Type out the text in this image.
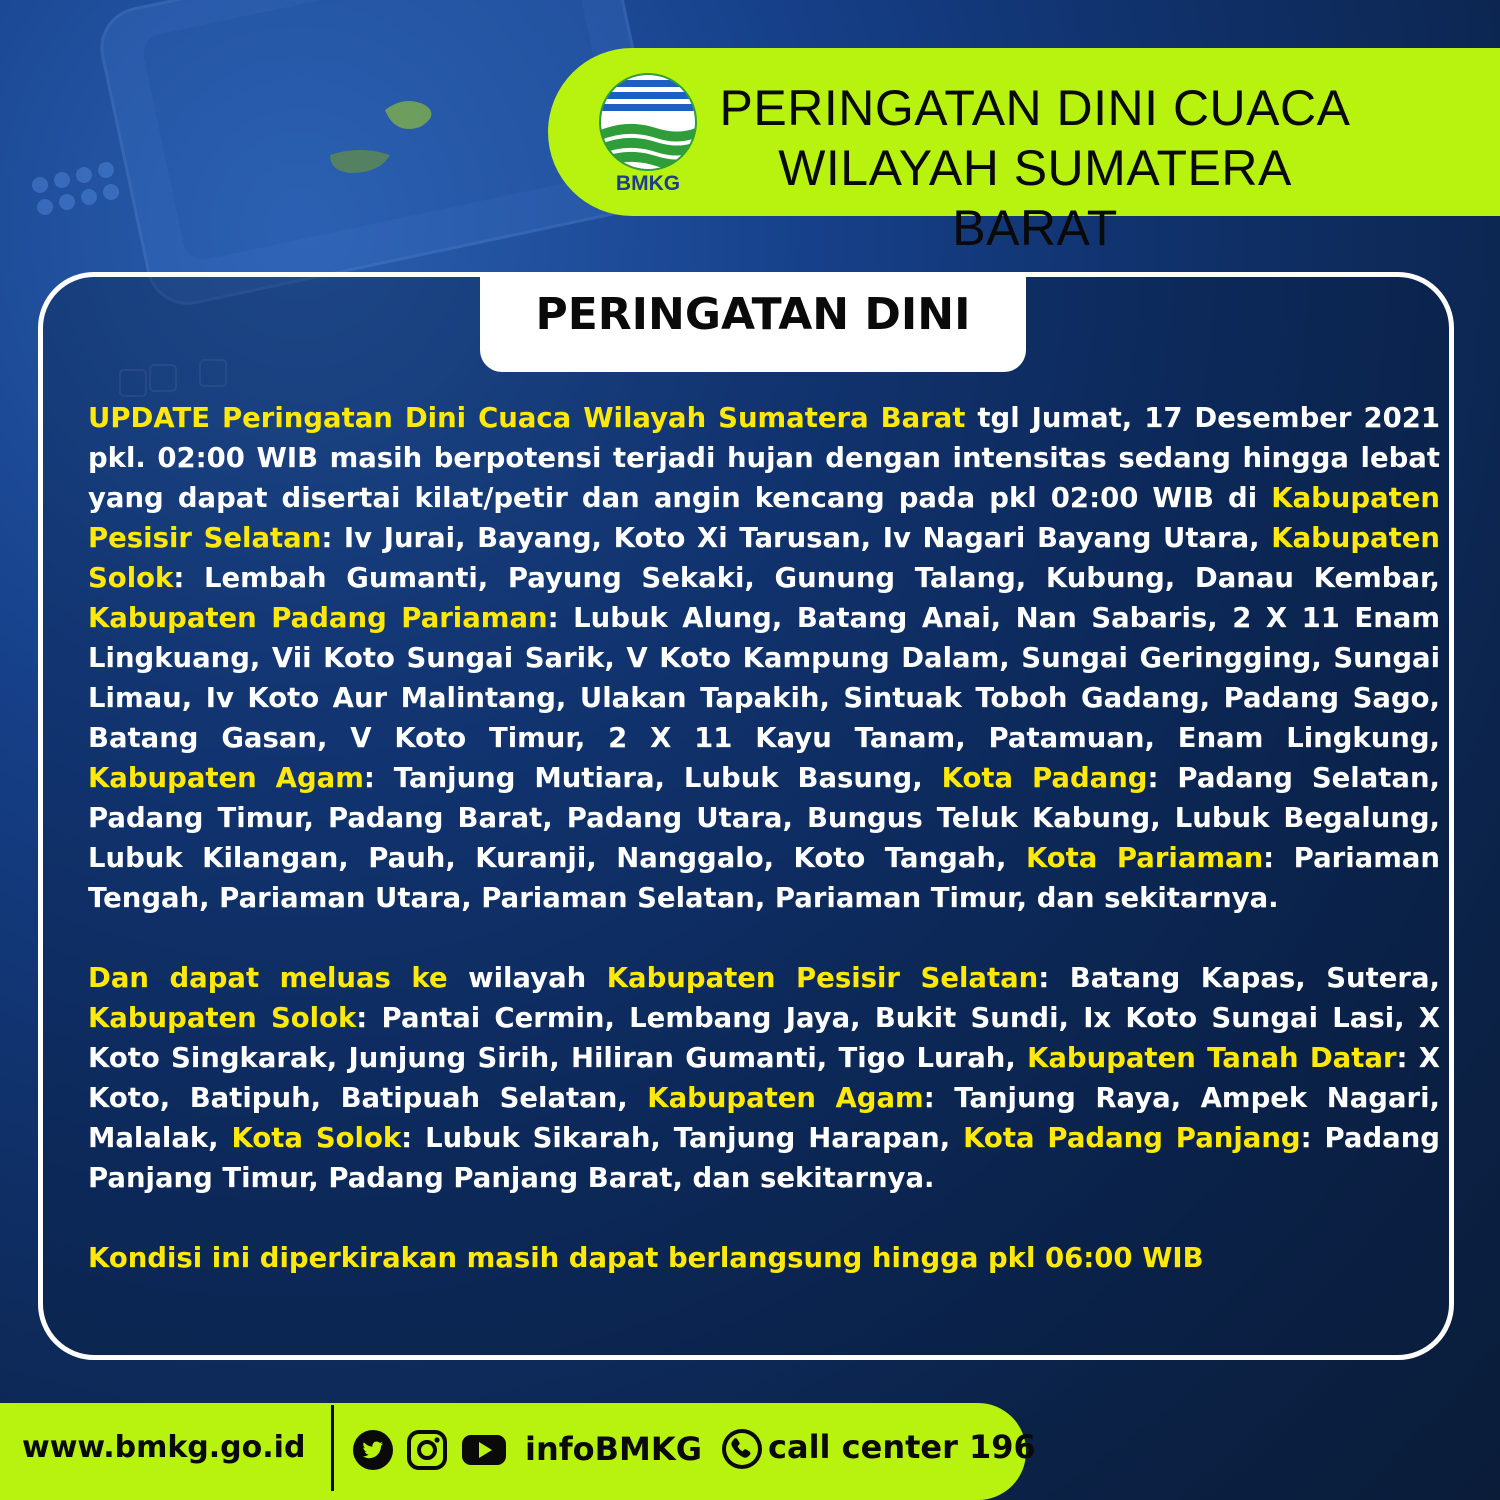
BMKG
PERINGATAN DINI CUACA
WILAYAH SUMATERA BARAT
PERINGATAN DINI

UPDATE Peringatan Dini Cuaca Wilayah Sumatera Barat tgl Jumat, 17 Desember 2021 pkl. 02:00 WIB masih berpotensi terjadi hujan dengan intensitas sedang hingga lebat yang dapat disertai kilat/petir dan angin kencang pada pkl 02:00 WIB di Kabupaten Pesisir Selatan: Iv Jurai, Bayang, Koto Xi Tarusan, Iv Nagari Bayang Utara, Kabupaten Solok: Lembah Gumanti, Payung Sekaki, Gunung Talang, Kubung, Danau Kembar, Kabupaten Padang Pariaman: Lubuk Alung, Batang Anai, Nan Sabaris, 2 X 11 Enam Lingkuang, Vii Koto Sungai Sarik, V Koto Kampung Dalam, Sungai Geringging, Sungai Limau, Iv Koto Aur Malintang, Ulakan Tapakih, Sintuak Toboh Gadang, Padang Sago, Batang Gasan, V Koto Timur, 2 X 11 Kayu Tanam, Patamuan, Enam Lingkung, Kabupaten Agam: Tanjung Mutiara, Lubuk Basung, Kota Padang: Padang Selatan, Padang Timur, Padang Barat, Padang Utara, Bungus Teluk Kabung, Lubuk Begalung, Lubuk Kilangan, Pauh, Kuranji, Nanggalo, Koto Tangah, Kota Pariaman: Pariaman Tengah, Pariaman Utara, Pariaman Selatan, Pariaman Timur, dan sekitarnya.

Dan dapat meluas ke wilayah Kabupaten Pesisir Selatan: Batang Kapas, Sutera, Kabupaten Solok: Pantai Cermin, Lembang Jaya, Bukit Sundi, Ix Koto Sungai Lasi, X Koto Singkarak, Junjung Sirih, Hiliran Gumanti, Tigo Lurah, Kabupaten Tanah Datar: X Koto, Batipuh, Batipuah Selatan, Kabupaten Agam: Tanjung Raya, Ampek Nagari, Malalak, Kota Solok: Lubuk Sikarah, Tanjung Harapan, Kota Padang Panjang: Padang Panjang Timur, Padang Panjang Barat, dan sekitarnya.

Kondisi ini diperkirakan masih dapat berlangsung hingga pkl 06:00 WIB

www.bmkg.go.id	infoBMKG call center 196
